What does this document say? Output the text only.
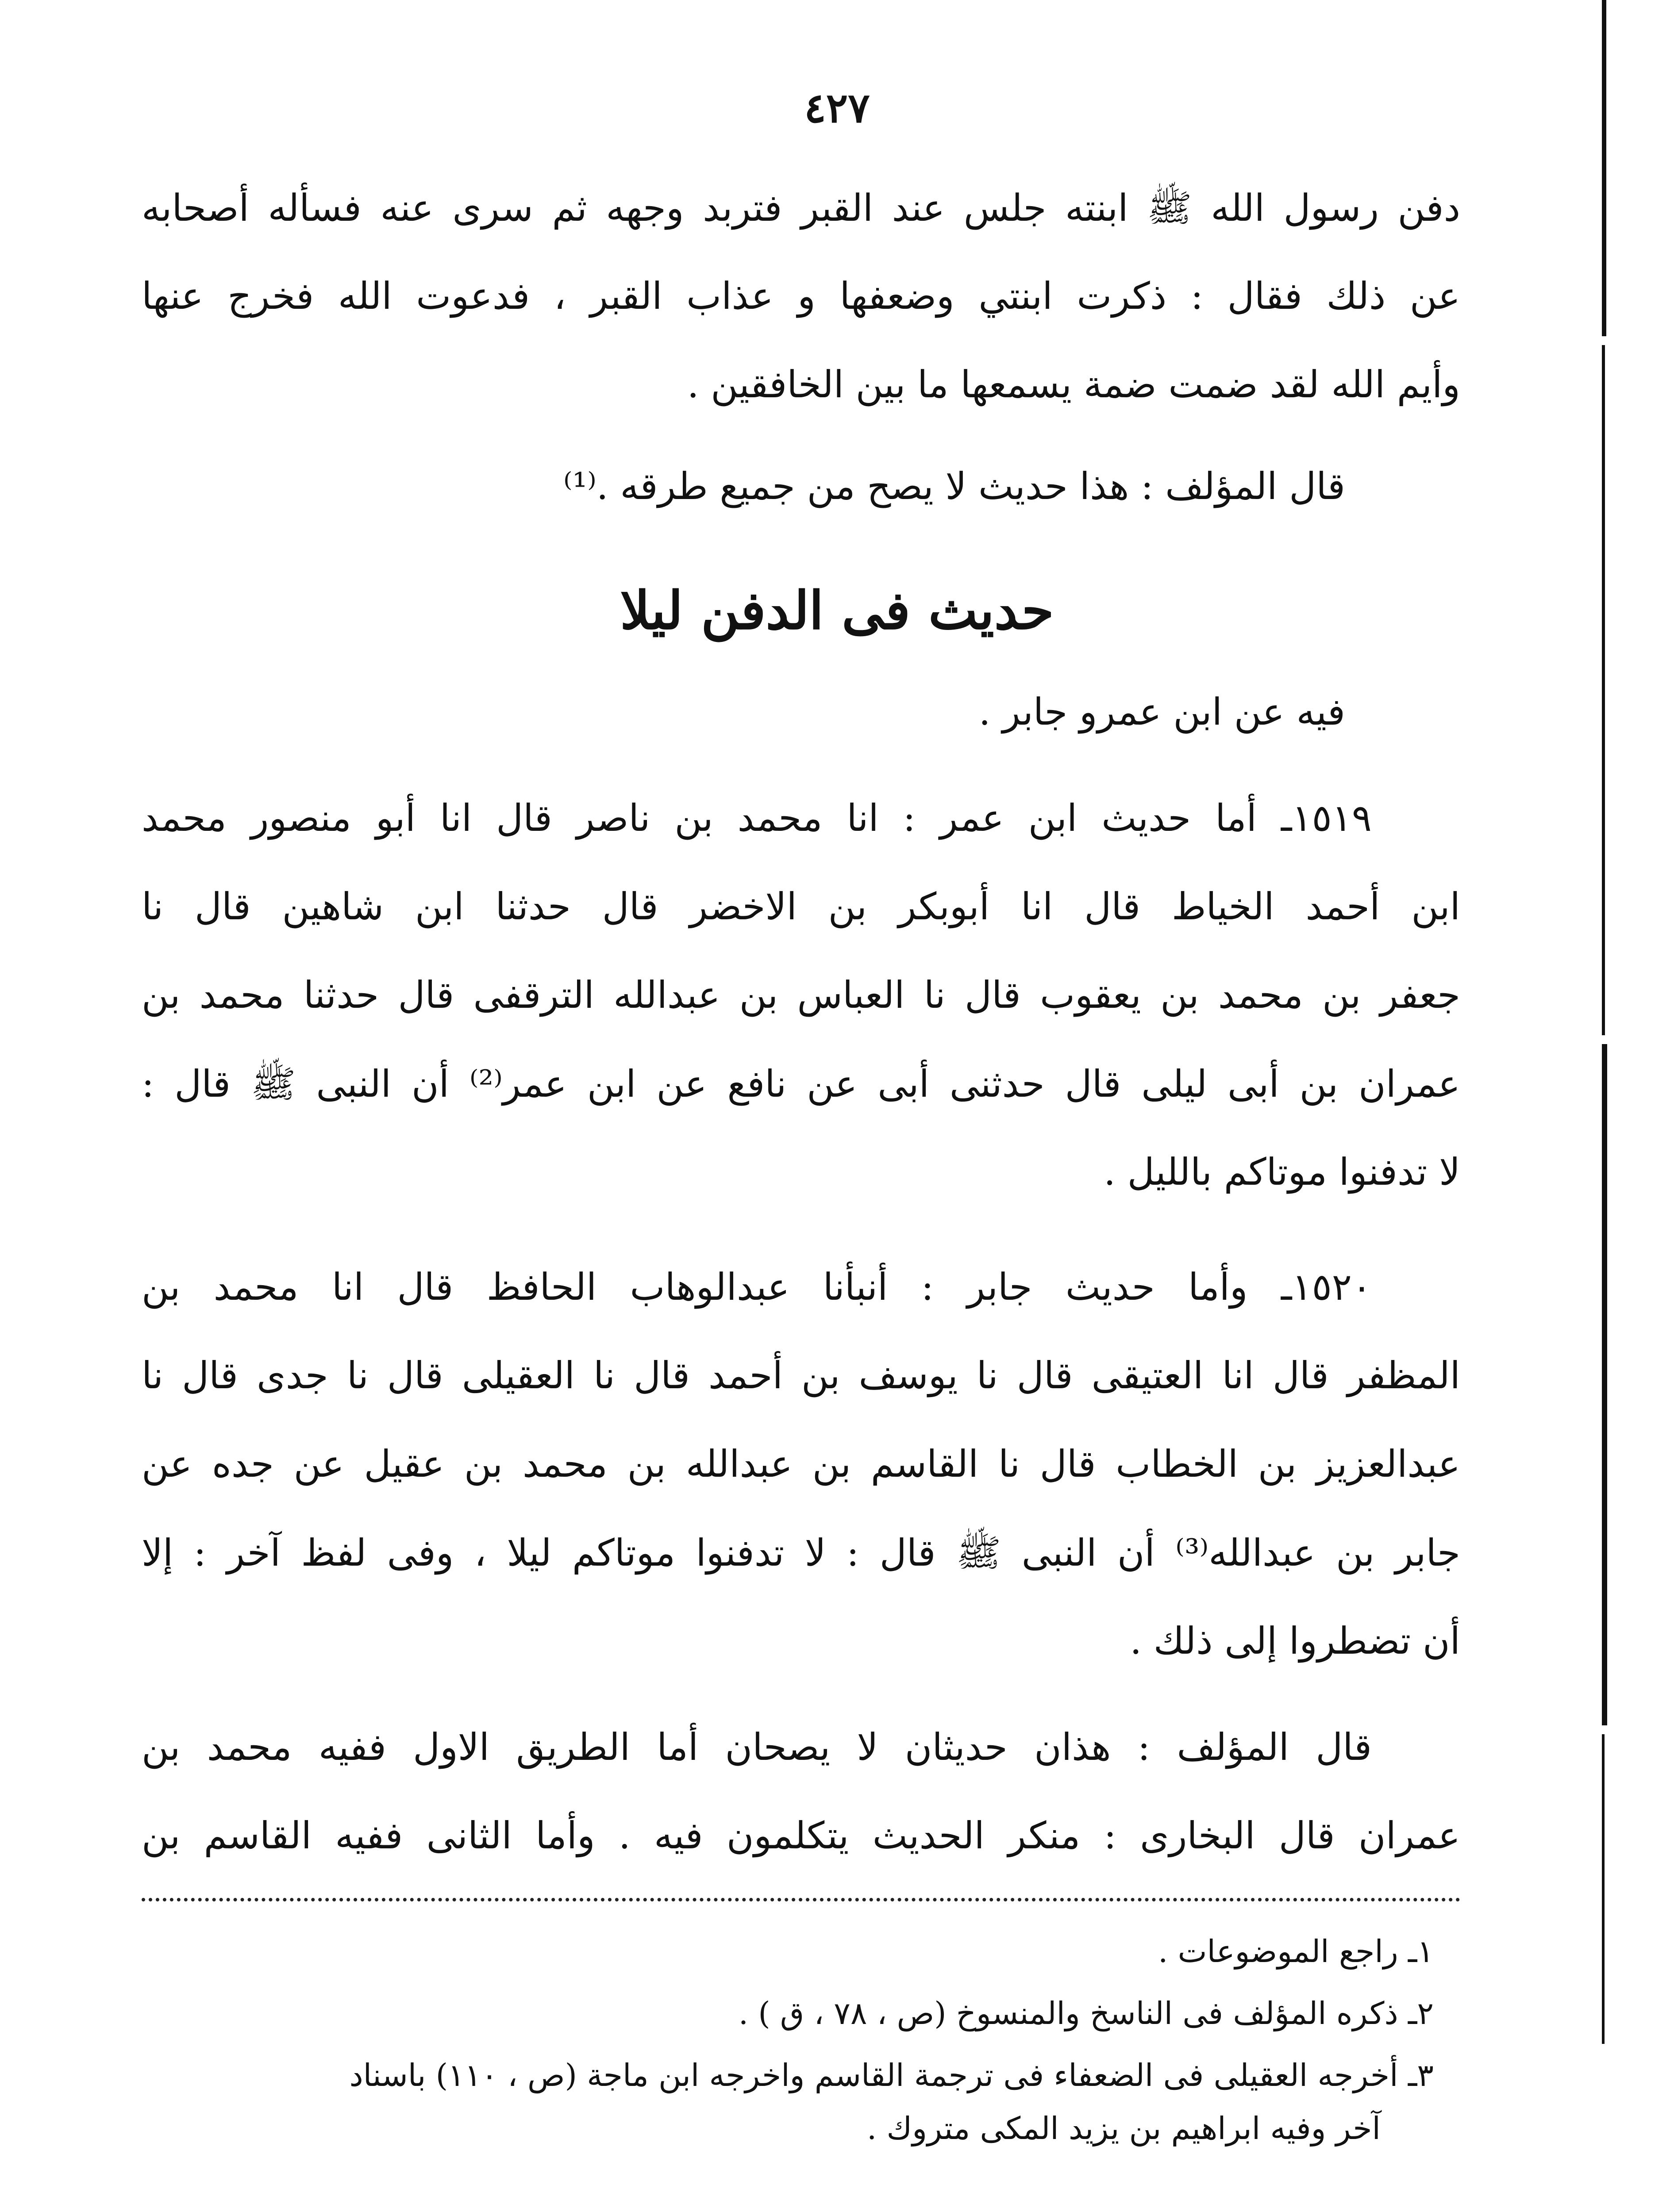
٤٢٧
دفن رسول الله ﷺ ابنته جلس عند القبر فتربد وجهه ثم سرى عنه فسأله أصحابه
عن ذلك فقال : ذكرت ابنتي وضعفها و عذاب القبر ، فدعوت الله فخرج عنها
وأيم الله لقد ضمت ضمة يسمعها ما بين الخافقين .
قال المؤلف : هذا حديث لا يصح من جميع طرقه .⁽¹⁾
حديث فى الدفن ليلا
فيه عن ابن عمرو جابر .
١٥١٩ـ أما حديث ابن عمر : انا محمد بن ناصر قال انا أبو منصور محمد
ابن أحمد الخياط قال انا أبوبكر بن الاخضر قال حدثنا ابن شاهين قال نا
جعفر بن محمد بن يعقوب قال نا العباس بن عبدالله الترقفى قال حدثنا محمد بن
عمران بن أبى ليلى قال حدثنى أبى عن نافع عن ابن عمر⁽²⁾ أن النبى ﷺ قال :
لا تدفنوا موتاكم بالليل .
١٥٢٠ـ وأما حديث جابر : أنبأنا عبدالوهاب الحافظ قال انا محمد بن
المظفر قال انا العتيقى قال نا يوسف بن أحمد قال نا العقيلى قال نا جدى قال نا
عبدالعزيز بن الخطاب قال نا القاسم بن عبدالله بن محمد بن عقيل عن جده عن
جابر بن عبدالله⁽³⁾ أن النبى ﷺ قال : لا تدفنوا موتاكم ليلا ، وفى لفظ آخر : إلا
أن تضطروا إلى ذلك .
قال المؤلف : هذان حديثان لا يصحان أما الطريق الاول ففيه محمد بن
عمران قال البخارى : منكر الحديث يتكلمون فيه . وأما الثانى ففيه القاسم بن
١ـ راجع الموضوعات .
٢ـ ذكره المؤلف فى الناسخ والمنسوخ (ص ، ٧٨ ، ق ) .
٣ـ أخرجه العقيلى فى الضعفاء فى ترجمة القاسم واخرجه ابن ماجة (ص ، ١١٠) باسناد
آخر وفيه ابراهيم بن يزيد المكى متروك .
